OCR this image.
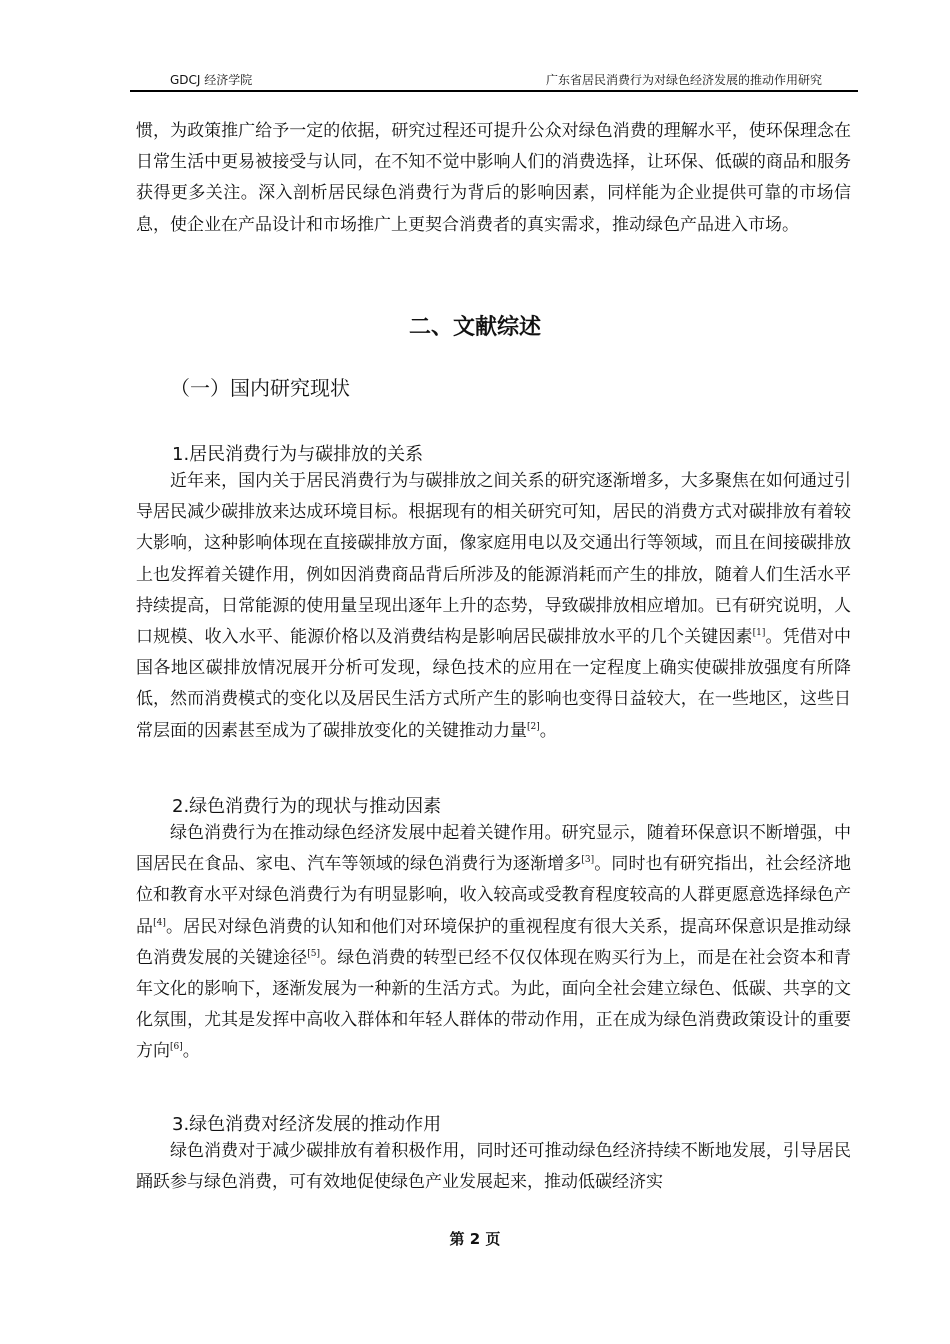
GDCJ 经济学院	广东省居民消费行为对绿色经济发展的推动作用研究

惯，为政策推广给予一定的依据，研究过程还可提升公众对绿色消费的理解水平，使环保理念在日常生活中更易被接受与认同，在不知不觉中影响人们的消费选择，让环保、低碳的商品和服务获得更多关注。深入剖析居民绿色消费行为背后的影响因素，同样能为企业提供可靠的市场信息，使企业在产品设计和市场推广上更契合消费者的真实需求，推动绿色产品进入市场。

二、文献综述
（一）国内研究现状
1.居民消费行为与碳排放的关系

近年来，国内关于居民消费行为与碳排放之间关系的研究逐渐增多，大多聚焦在如何通过引导居民减少碳排放来达成环境目标。根据现有的相关研究可知，居民的消费方式对碳排放有着较大影响，这种影响体现在直接碳排放方面，像家庭用电以及交通出行等领域，而且在间接碳排放上也发挥着关键作用，例如因消费商品背后所涉及的能源消耗而产生的排放，随着人们生活水平持续提高，日常能源的使用量呈现出逐年上升的态势，导致碳排放相应增加。已有研究说明，人口规模、收入水平、能源价格以及消费结构是影响居民碳排放水平的几个关键因素[1]。凭借对中国各地区碳排放情况展开分析可发现，绿色技术的应用在一定程度上确实使碳排放强度有所降低，然而消费模式的变化以及居民生活方式所产生的影响也变得日益较大，在一些地区，这些日常层面的因素甚至成为了碳排放变化的关键推动力量[2]。

2.绿色消费行为的现状与推动因素

绿色消费行为在推动绿色经济发展中起着关键作用。研究显示，随着环保意识不断增强，中国居民在食品、家电、汽车等领域的绿色消费行为逐渐增多[3]。同时也有研究指出，社会经济地位和教育水平对绿色消费行为有明显影响，收入较高或受教育程度较高的人群更愿意选择绿色产品[4]。居民对绿色消费的认知和他们对环境保护的重视程度有很大关系，提高环保意识是推动绿色消费发展的关键途径[5]。绿色消费的转型已经不仅仅体现在购买行为上，而是在社会资本和青年文化的影响下，逐渐发展为一种新的生活方式。为此，面向全社会建立绿色、低碳、共享的文化氛围，尤其是发挥中高收入群体和年轻人群体的带动作用，正在成为绿色消费政策设计的重要方向[6]。

3.绿色消费对经济发展的推动作用

绿色消费对于减少碳排放有着积极作用，同时还可推动绿色经济持续不断地发展，引导居民踊跃参与绿色消费，可有效地促使绿色产业发展起来，推动低碳经济实

第 2 页
